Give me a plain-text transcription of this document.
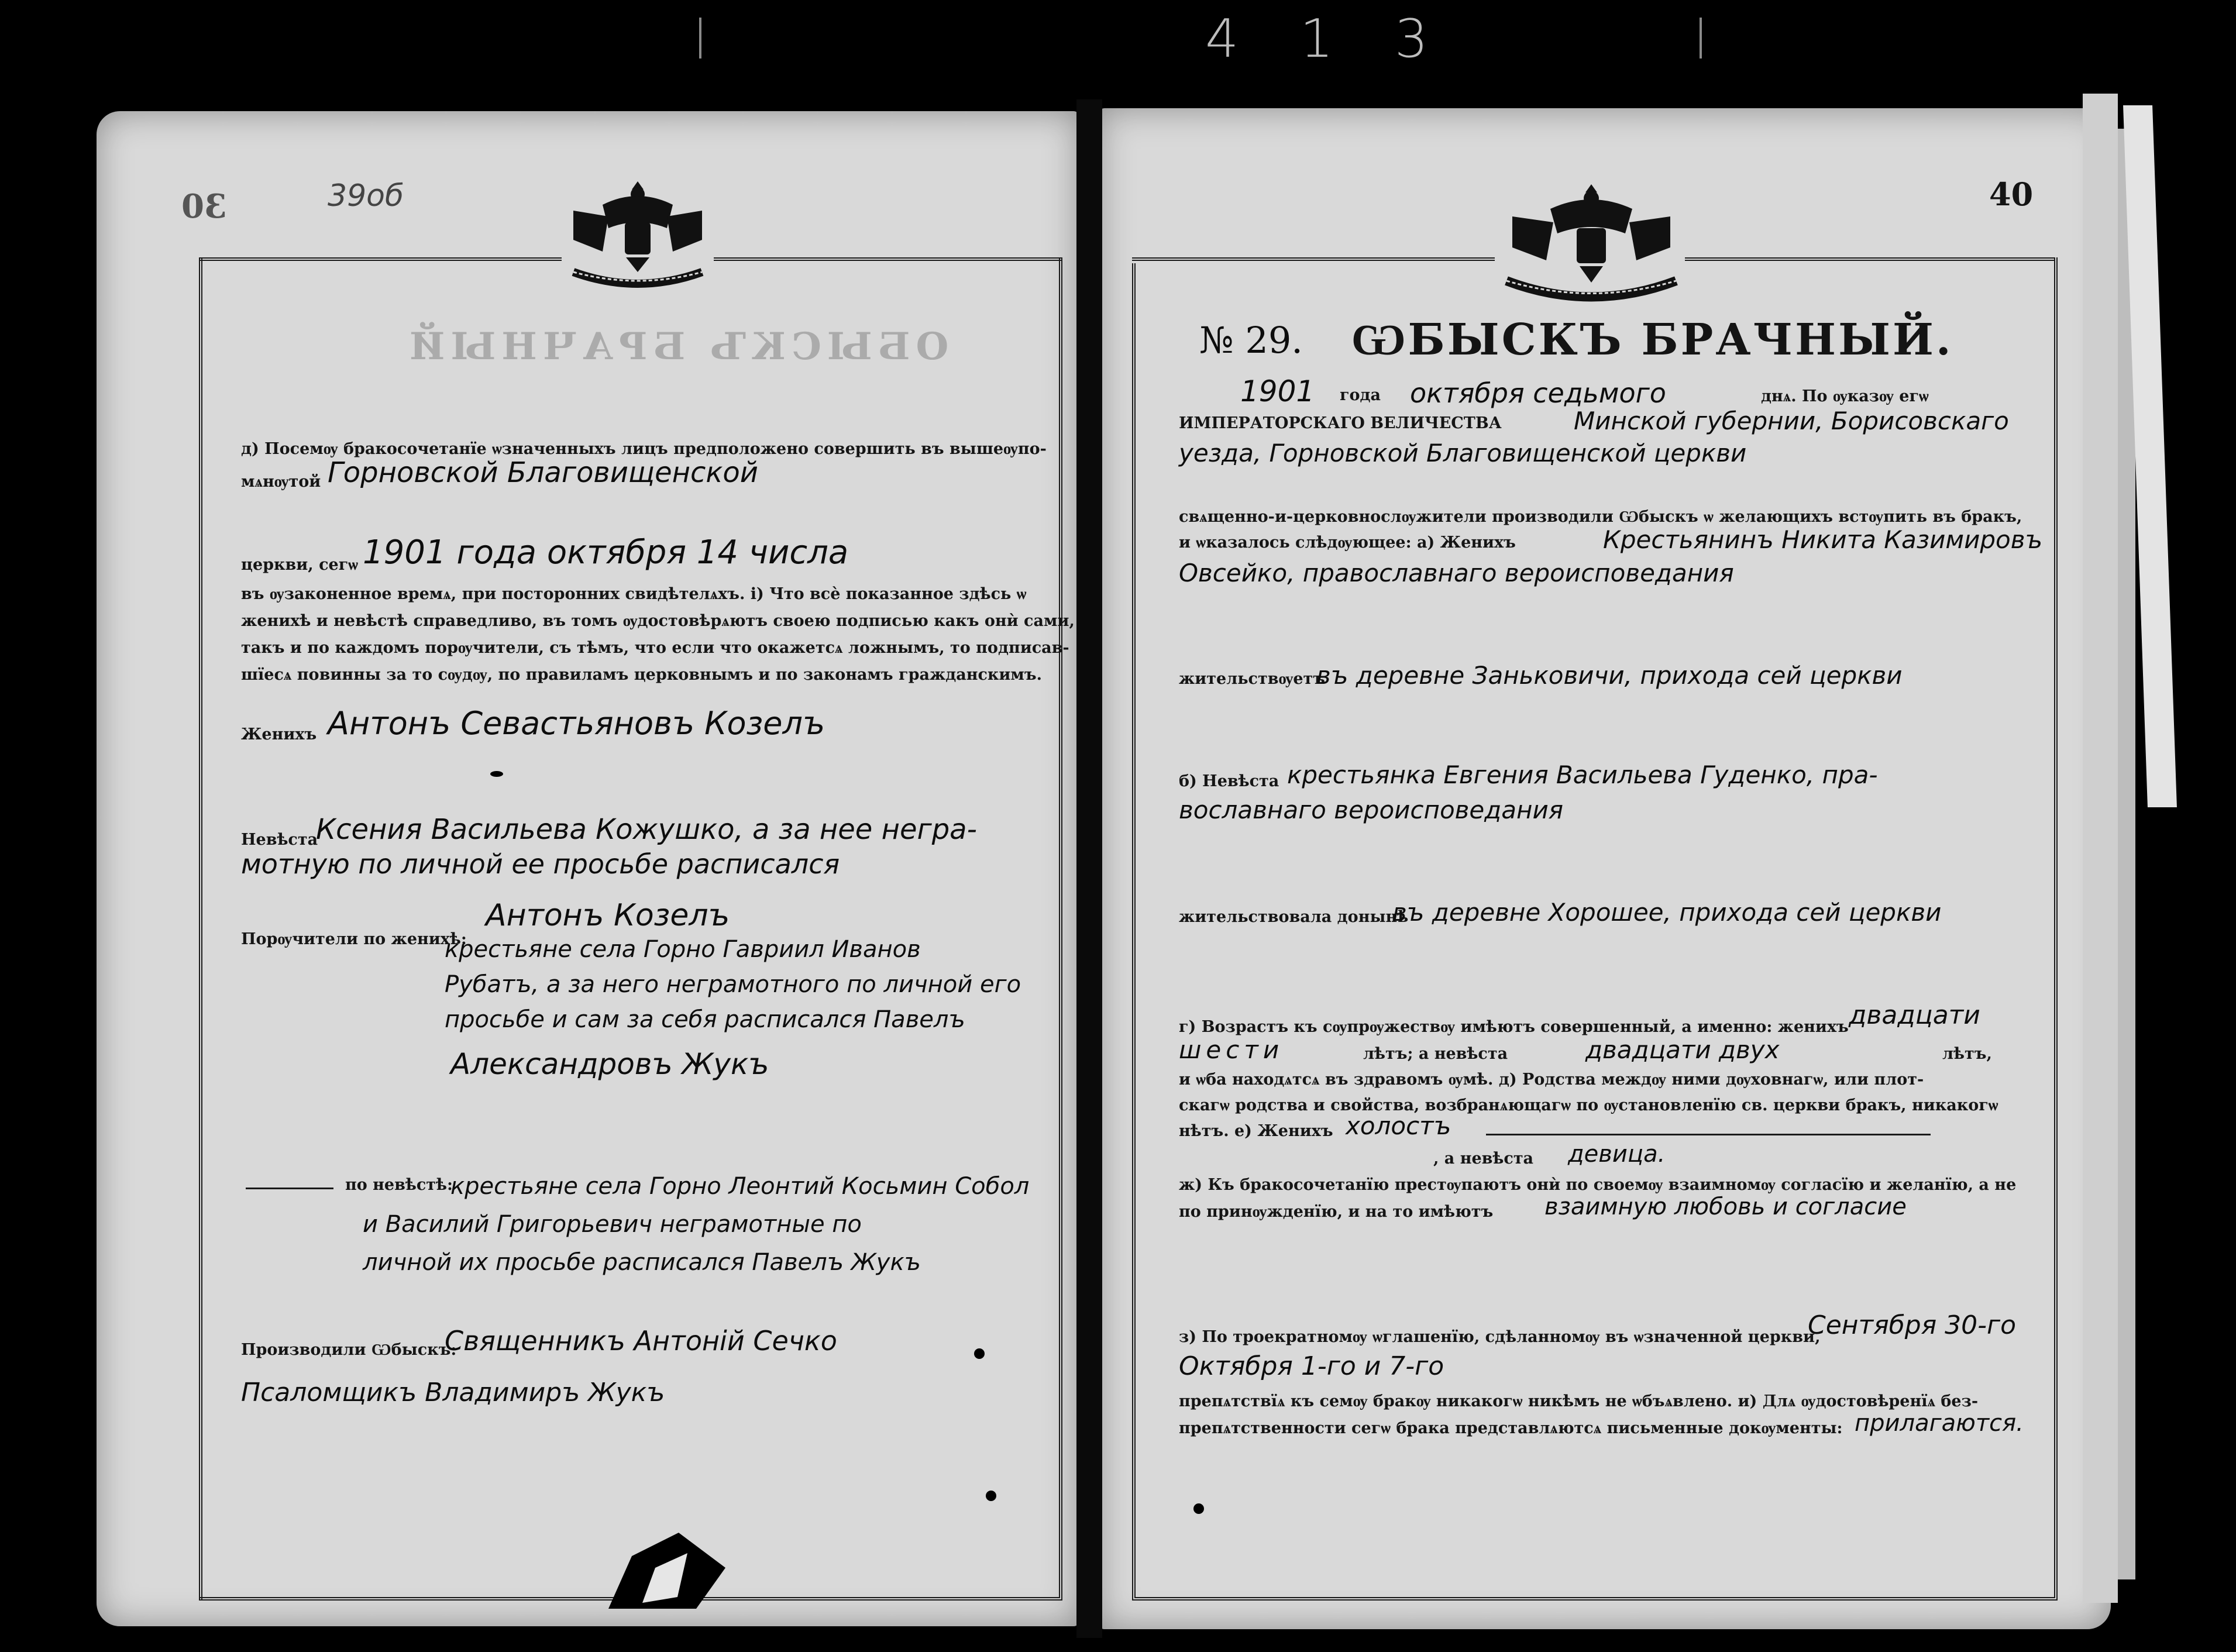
4 1 3
30	39об
ОБЫСКЪ БРАЧНЫЙ
д) Посемѹ бракосочетанїе ѡзначенныхъ лицъ предположено совершить въ вышеѹпо-
мѧнѹтой Горновской Благовищенской
церкви, сегѡ 1901 года октября 14 числа
въ ѹзаконенное времѧ, при посторонних свидѣтелѧхъ. і) Что всѐ показанное здѣсь ѡ
женихѣ и невѣстѣ справедливо, въ томъ ѹдостовѣрѧютъ своею подписью какъ онѝ сами,
такъ и по каждомъ порѹчители, съ тѣмъ, что если что окажетсѧ ложнымъ, то подписав-
шїесѧ повинны за то сѹдѹ, по правиламъ церковнымъ и по законамъ гражданскимъ.
Женихъ Антонъ Севастьяновъ Козелъ
Невѣста
Ксения Васильева Кожушко, а за нее негра-
мотную по личной ее просьбе расписался
Порѹчители по женихѣ:
Антонъ Козелъ
крестьяне села Горно Гавриил Иванов
Рубатъ, а за него неграмотного по личной его
просьбе и сам за себя расписался Павелъ
Александровъ Жукъ
по невѣстѣ:
крестьяне села Горно Леонтий Косьмин Собол
и Василий Григорьевич неграмотные по
личной их просьбе расписался Павелъ Жукъ
Производили Ѡбыскъ:
Священникъ Антоній Сечко
Псаломщикъ Владимиръ Жукъ
40
№ 29. ѠБЫСКЪ БРАЧНЫЙ.
1901 года октября седьмого	днѧ. По ѹказѹ егѡ
ИМПЕРАТОРСКАГО ВЕЛИЧЕСТВА	Минской губернии, Борисовскаго
уезда, Горновской Благовищенской церкви
свѧщенно-и-церковнослѹжители производили Ѡбыскъ ѡ желающихъ встѹпить въ бракъ,
и ѡказалось слѣдѹющее: а) Женихъ	Крестьянинъ Никита Казимировъ
Овсейко, православнаго вероисповедания
жительствѹетъ
въ деревне Заньковичи, прихода сей церкви
б) Невѣста крестьянка Евгения Васильева Гуденко, пра-
вославнаго вероисповедания
жительствовала донынѣ
въ деревне Хорошее, прихода сей церкви
г) Возрастъ къ сѹпрѹжествѹ имѣютъ совершенный, а именно: женихъ двадцати
шести	лѣтъ; а невѣста	двадцати двух	лѣтъ,
и ѡба находѧтсѧ въ здравомъ ѹмѣ. д) Родства междѹ ними дѹховнагѡ, или плот-
скагѡ родства и свойства, возбранѧющагѡ по ѹстановленїю св. церкви бракъ, никакогѡ
нѣтъ. е) Женихъ холостъ
, а невѣста девица.
ж) Къ бракосочетанїю престѹпаютъ онѝ по своемѹ взаимномѹ согласїю и желанїю, а не
по принѹжденїю, и на то имѣютъ взаимную любовь и согласие
з) По троекратномѹ ѡглашенїю, сдѣланномѹ въ ѡзначенной церкви,
Сентября 30-го
Октября 1-го и 7-го
препѧтствїѧ къ семѹ бракѹ никакогѡ никѣмъ не ѡбъѧвлено. и) Длѧ ѹдостовѣренїѧ без-
препѧтственности сегѡ брака представлѧютсѧ письменные докѹменты: прилагаются.
